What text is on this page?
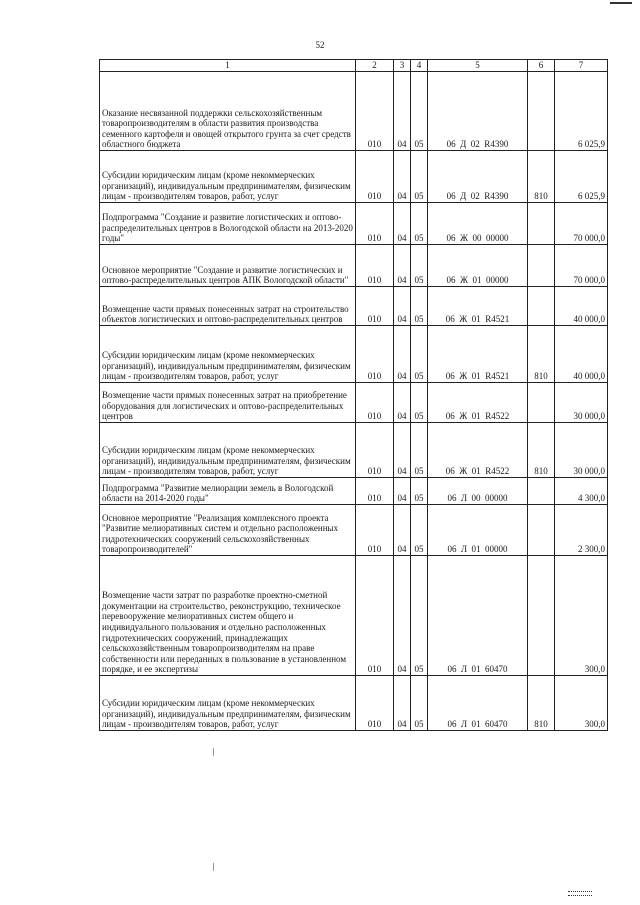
52
1	2	3	4	5	6	7
Оказание несвязанной поддержки сельскохозяйственным товаропроизводителям в области развития производства семенного картофеля и овощей открытого грунта за счет средств областного бюджета	010	04	05	06  Д  02  R4390		6 025,9
Субсидии юридическим лицам (кроме некоммерческих организаций), индивидуальным предпринимателям, физическим лицам - производителям товаров, работ, услуг	010	04	05	06  Д  02  R4390	810	6 025,9
Подпрограмма "Создание и развитие логистических и оптово-распределительных центров в Вологодской области на 2013-2020 годы"	010	04	05	06  Ж  00  00000		70 000,0
Основное мероприятие "Создание и развитие логистических и оптово-распределительных центров АПК Вологодской области"	010	04	05	06  Ж  01  00000		70 000,0
Возмещение части прямых понесенных затрат на строительство объектов логистических и оптово-распределительных центров	010	04	05	06  Ж  01  R4521		40 000,0
Субсидии юридическим лицам (кроме некоммерческих организаций), индивидуальным предпринимателям, физическим лицам - производителям товаров, работ, услуг	010	04	05	06  Ж  01  R4521	810	40 000,0
Возмещение части прямых понесенных затрат на приобретение оборудования для логистических и оптово-распределительных центров	010	04	05	06  Ж  01  R4522		30 000,0
Субсидии юридическим лицам (кроме некоммерческих организаций), индивидуальным предпринимателям, физическим лицам - производителям товаров, работ, услуг	010	04	05	06  Ж  01  R4522	810	30 000,0
Подпрограмма "Развитие мелиорации земель в Вологодской области на 2014-2020 годы"	010	04	05	06  Л  00  00000		4 300,0
Основное мероприятие "Реализация комплексного проекта "Развитие мелиоративных систем и отдельно расположенных гидротехнических сооружений сельскохозяйственных товаропроизводителей"	010	04	05	06  Л  01  00000		2 300,0
Возмещение части затрат по разработке проектно-сметной документации на строительство, реконструкцию, техническое перевооружение мелиоративных систем общего и индивидуального пользования и отдельно расположенных гидротехнических сооружений, принадлежащих сельскохозяйственным товаропроизводителям на праве собственности или переданных в пользование в установленном порядке, и ее экспертизы	010	04	05	06  Л  01  60470		300,0
Субсидии юридическим лицам (кроме некоммерческих организаций), индивидуальным предпринимателям, физическим лицам - производителям товаров, работ, услуг	010	04	05	06  Л  01  60470	810	300,0
